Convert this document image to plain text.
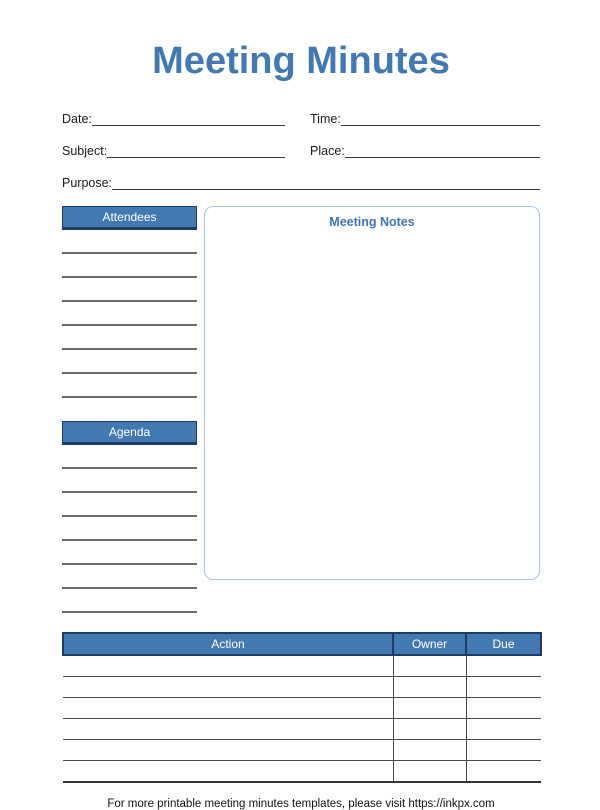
Meeting Minutes
Date:	Time:
Subject:	Place:
Purpose:
Attendees
Agenda
Meeting Notes
Action	Owner	Due

For more printable meeting minutes templates, please visit https://inkpx.com
